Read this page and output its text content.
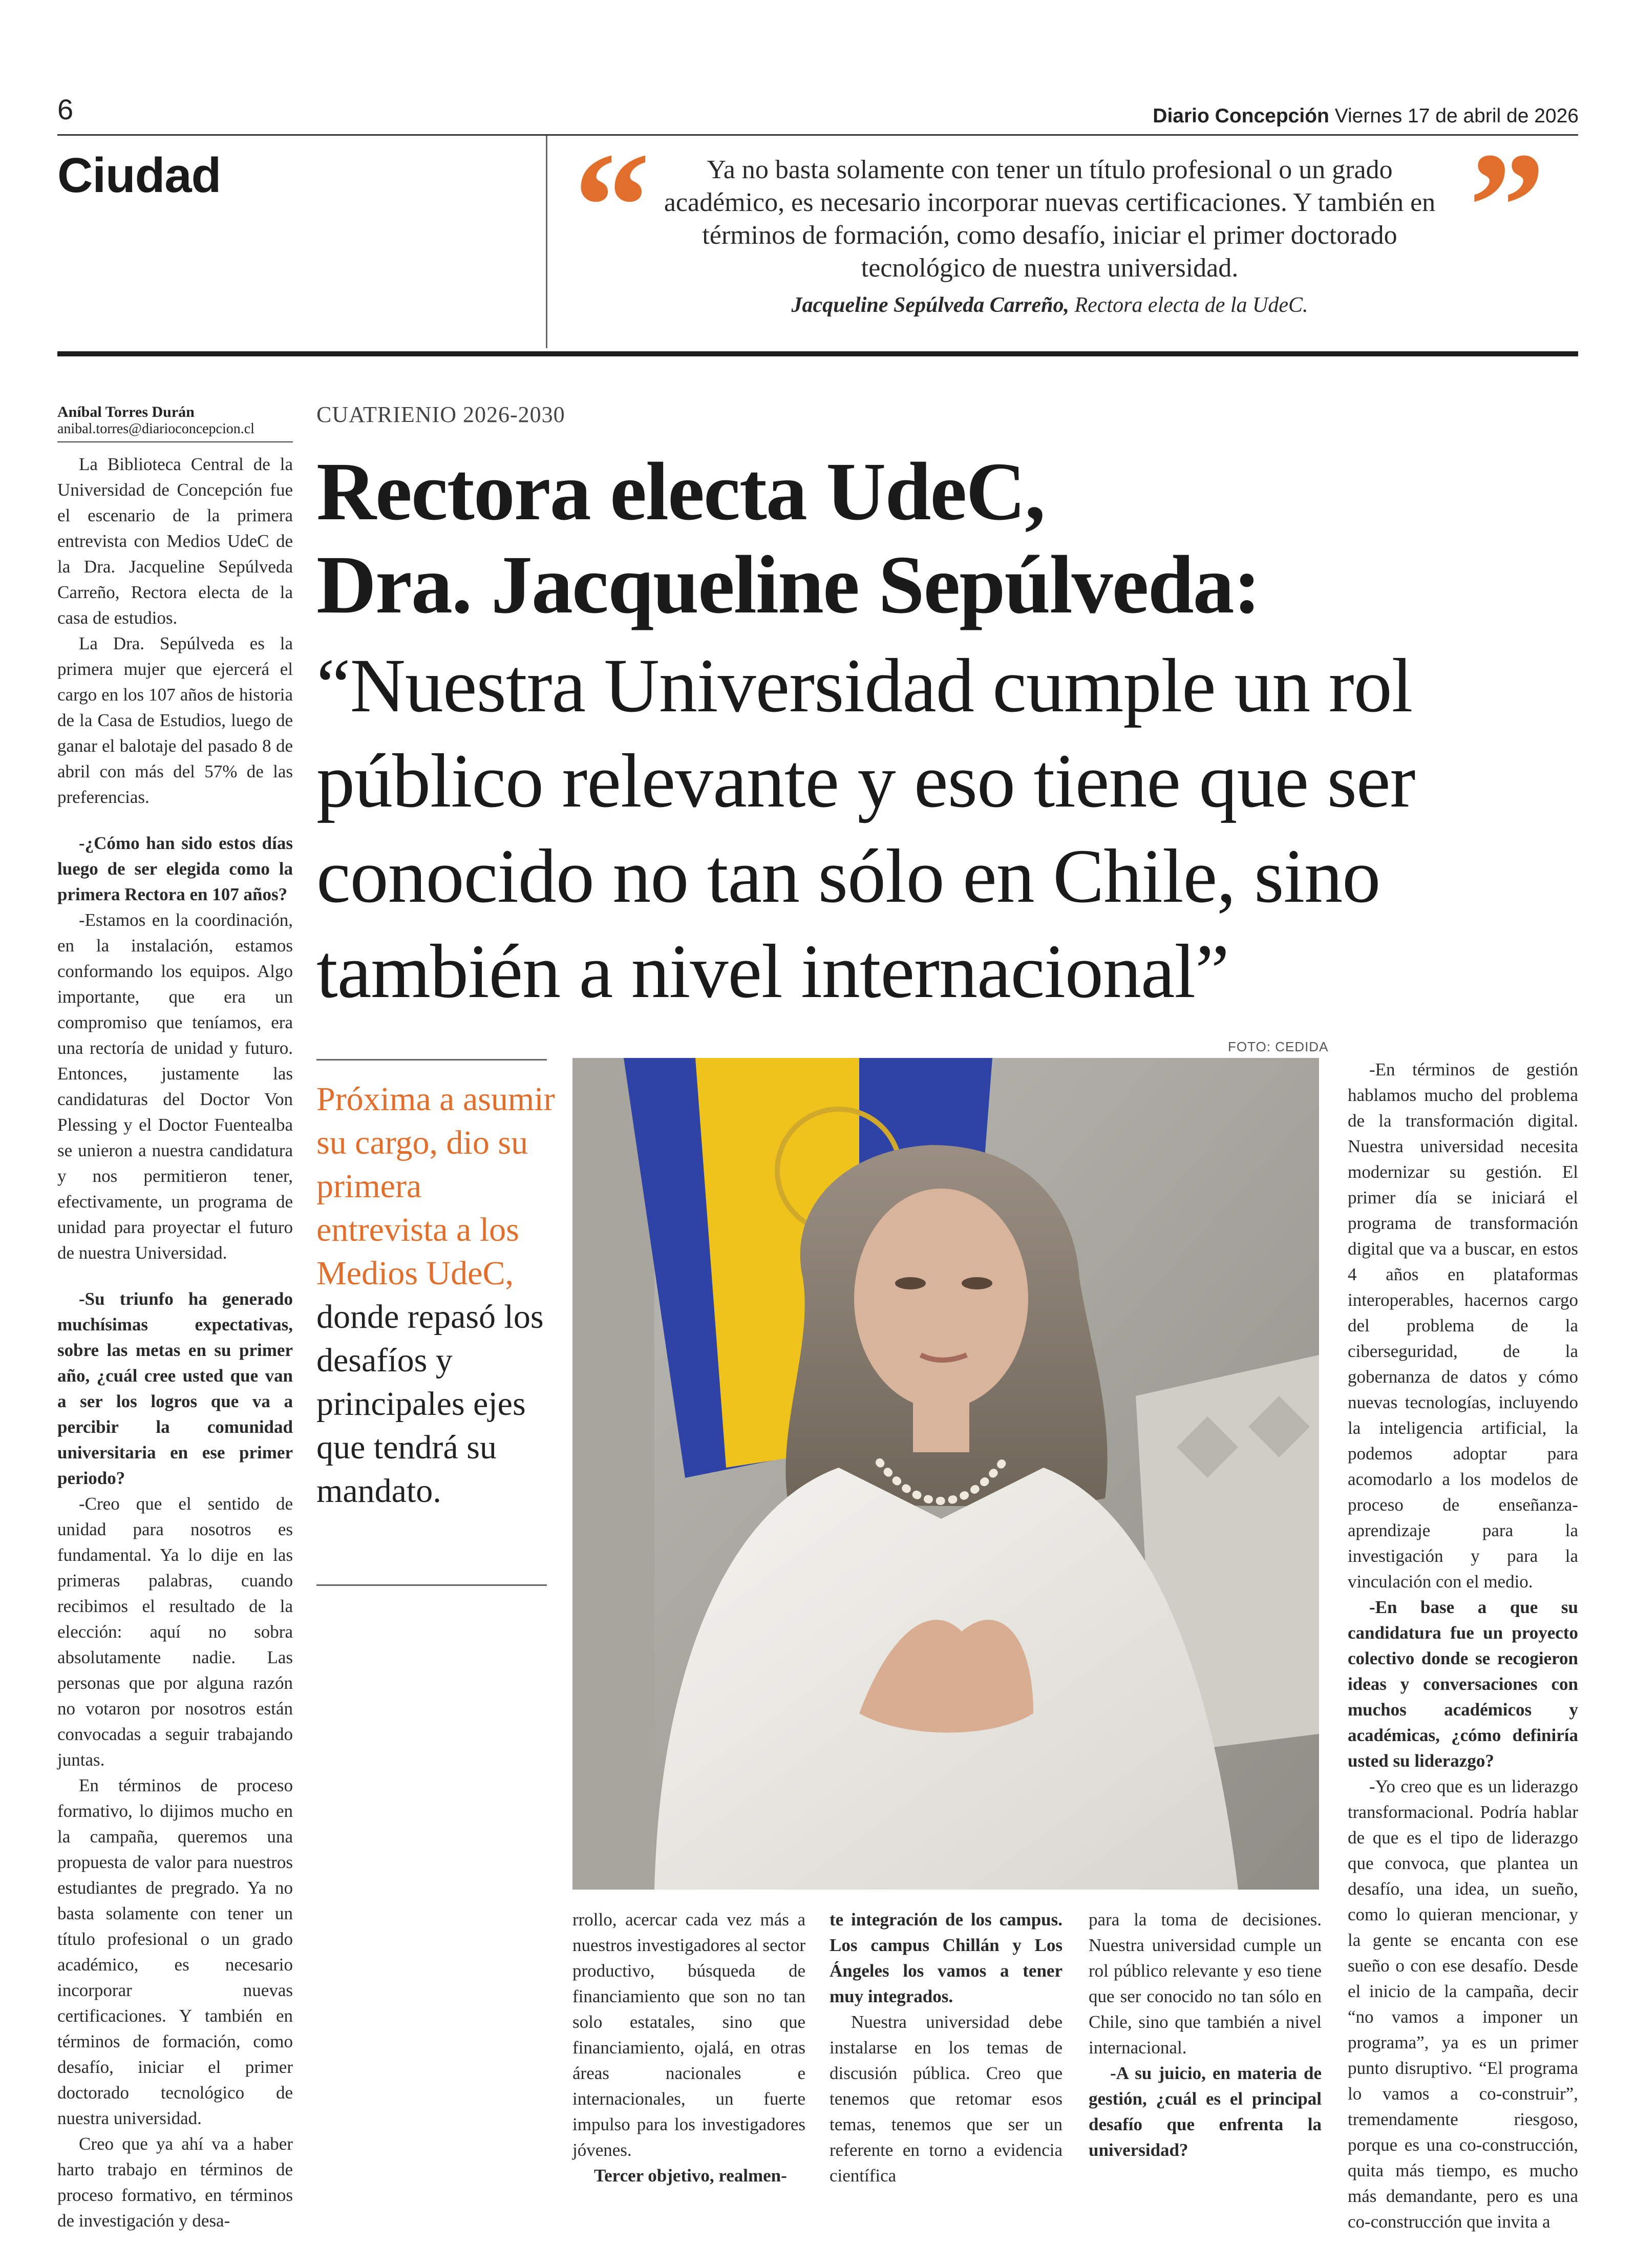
6	Diario Concepción Viernes 17 de abril de 2026
Ciudad “	”
Ya no basta solamente con tener un título profesional o un grado académico, es necesario incorporar nuevas certificaciones. Y también en términos de formación, como desafío, iniciar el primer doctorado tecnológico de nuestra universidad.
Jacqueline Sepúlveda Carreño, Rectora electa de la UdeC.
Aníbal Torres Durán
anibal.torres@diarioconcepcion.cl
CUATRIENIO 2026-2030
Rectora electa UdeC,
Dra. Jacqueline Sepúlveda:
“Nuestra Universidad cumple un rol público relevante y eso tiene que ser conocido no tan sólo en Chile, sino también a nivel internacional”

La Biblioteca Central de la Universidad de Concepción fue el escenario de la primera entrevista con Medios UdeC de la Dra. Jacqueline Sepúlveda Carreño, Rectora electa de la casa de estudios.

La Dra. Sepúlveda es la primera mujer que ejercerá el cargo en los 107 años de historia de la Casa de Estudios, luego de ganar el balotaje del pasado 8 de abril con más del 57% de las preferencias.

-¿Cómo han sido estos días luego de ser elegida como la primera Rectora en 107 años?

-Estamos en la coordinación, en la instalación, estamos conformando los equipos. Algo importante, que era un compromiso que teníamos, era una rectoría de unidad y futuro. Entonces, justamente las candidaturas del Doctor Von Plessing y el Doctor Fuentealba se unieron a nuestra candidatura y nos permitieron tener, efectivamente, un programa de unidad para proyectar el futuro de nuestra Universidad.

-Su triunfo ha generado muchísimas expectativas, sobre las metas en su primer año, ¿cuál cree usted que van a ser los logros que va a percibir la comunidad universitaria en ese primer periodo?

-Creo que el sentido de unidad para nosotros es fundamental. Ya lo dije en las primeras palabras, cuando recibimos el resultado de la elección: aquí no sobra absolutamente nadie. Las personas que por alguna razón no votaron por nosotros están convocadas a seguir trabajando juntas.

En términos de proceso formativo, lo dijimos mucho en la campaña, queremos una propuesta de valor para nuestros estudiantes de pregrado. Ya no basta solamente con tener un título profesional o un grado académico, es necesario incorporar nuevas certificaciones. Y también en términos de formación, como desafío, iniciar el primer doctorado tecnológico de nuestra universidad.

Creo que ya ahí va a haber harto trabajo en términos de proceso formativo, en términos de investigación y desa-

Próxima a asumir su cargo, dio su primera entrevista a los Medios UdeC, donde repasó los desafíos y principales ejes que tendrá su mandato.
FOTO: CEDIDA

-En términos de gestión hablamos mucho del problema de la transformación digital. Nuestra universidad necesita modernizar su gestión. El primer día se iniciará el programa de transformación digital que va a buscar, en estos 4 años en plataformas interoperables, hacernos cargo del problema de la ciberseguridad, de la gobernanza de datos y cómo nuevas tecnologías, incluyendo la inteligencia artificial, la podemos adoptar para acomodarlo a los modelos de proceso de enseñanza-aprendizaje para la investigación y para la vinculación con el medio.

-En base a que su candidatura fue un proyecto colectivo donde se recogieron ideas y conversaciones con muchos académicos y académicas, ¿cómo definiría usted su liderazgo?

-Yo creo que es un liderazgo transformacional. Podría hablar de que es el tipo de liderazgo que convoca, que plantea un desafío, una idea, un sueño, como lo quieran mencionar, y la gente se encanta con ese sueño o con ese desafío. Desde el inicio de la campaña, decir “no vamos a imponer un programa”, ya es un primer punto disruptivo. “El programa lo vamos a co-construir”, tremendamente riesgoso, porque es una co-construcción, quita más tiempo, es mucho más demandante, pero es una co-construcción que invita a

rrollo, acercar cada vez más a nuestros investigadores al sector productivo, búsqueda de financiamiento que son no tan solo estatales, sino que financiamiento, ojalá, en otras áreas nacionales e internacionales, un fuerte impulso para los investigadores jóvenes.

Tercer objetivo, realmen-

te integración de los campus. Los campus Chillán y Los Ángeles los vamos a tener muy integrados.

Nuestra universidad debe instalarse en los temas de discusión pública. Creo que tenemos que retomar esos temas, tenemos que ser un referente en torno a evidencia científica

para la toma de decisiones. Nuestra universidad cumple un rol público relevante y eso tiene que ser conocido no tan sólo en Chile, sino que también a nivel internacional.

-A su juicio, en materia de gestión, ¿cuál es el principal desafío que enfrenta la universidad?
